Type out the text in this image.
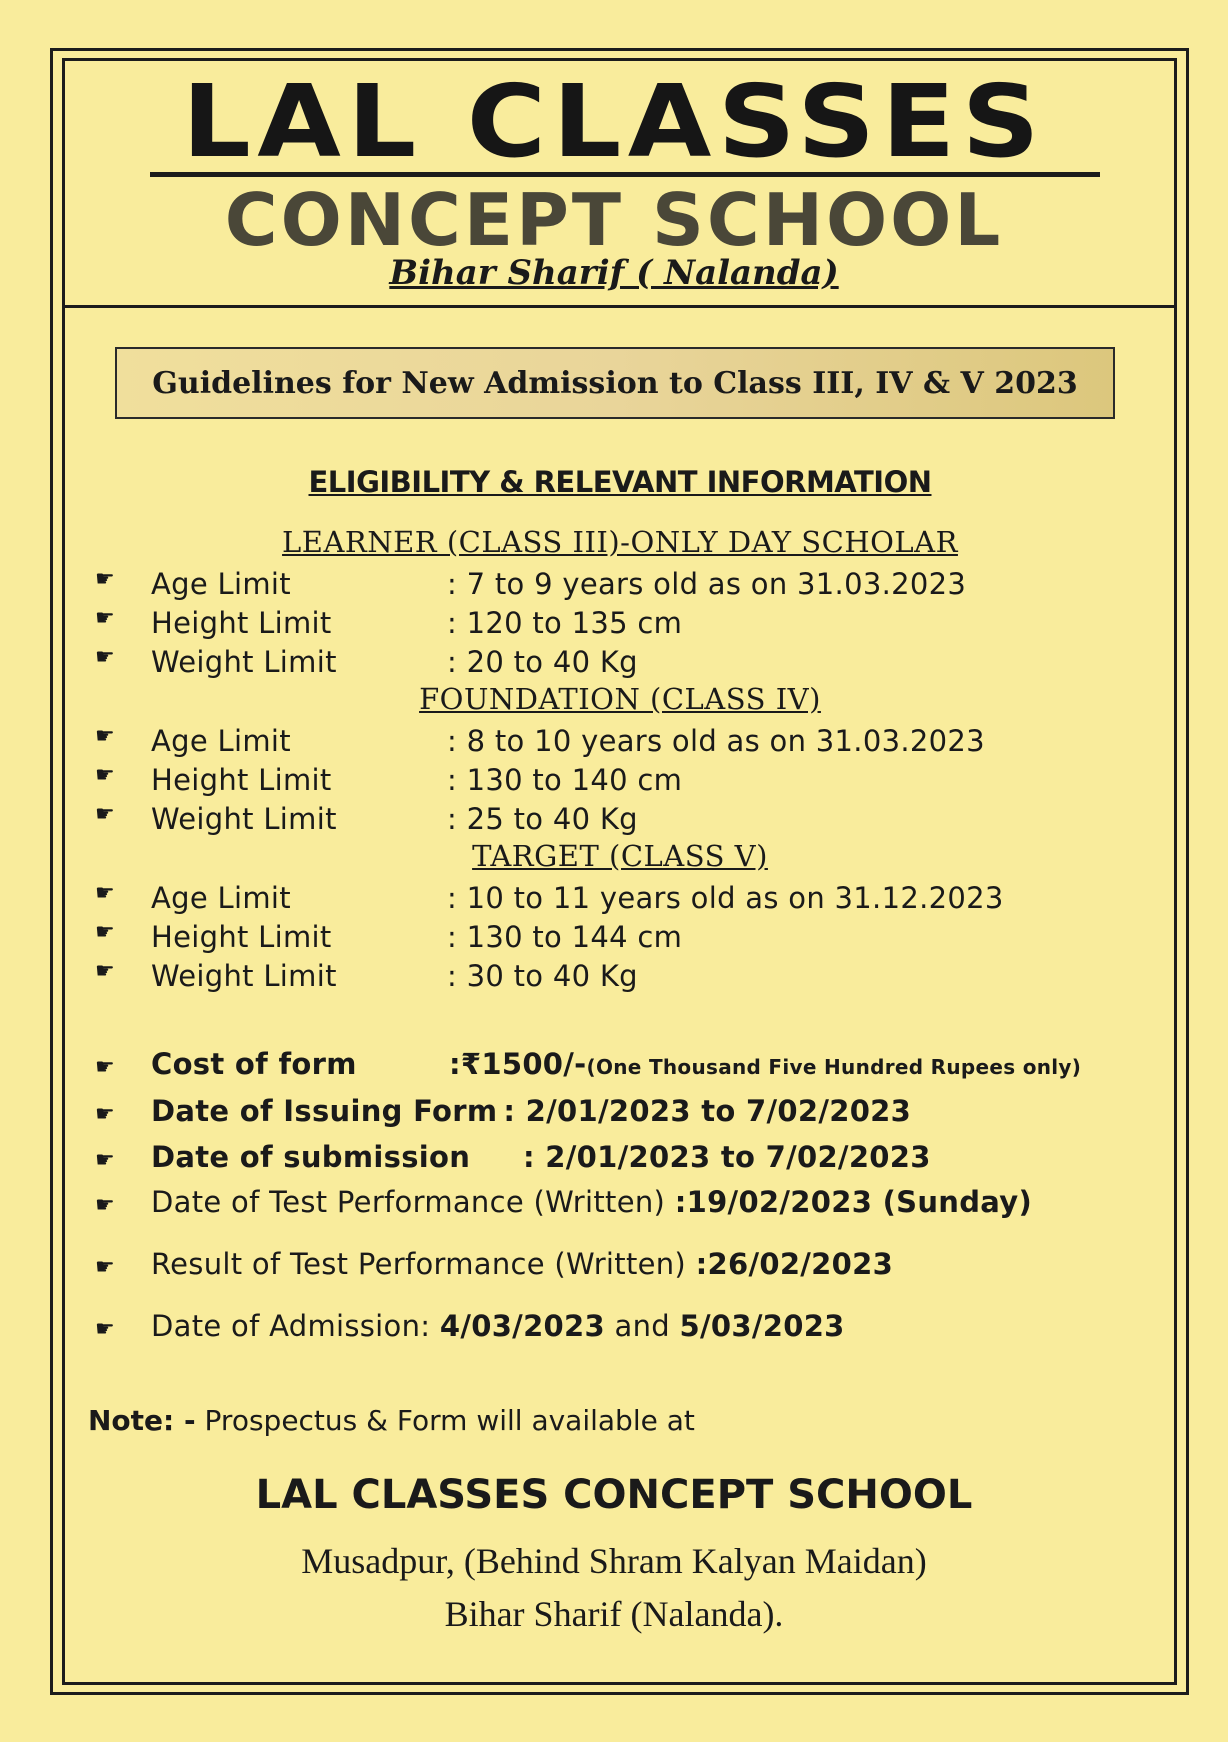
LAL CLASSES
CONCEPT SCHOOL
Bihar Sharif ( Nalanda)
Guidelines for New Admission to Class III, IV & V 2023
ELIGIBILITY & RELEVANT INFORMATION
LEARNER (CLASS III)-ONLY DAY SCHOLAR
☛ Age Limit	: 7 to 9 years old as on 31.03.2023
☛ Height Limit	: 120 to 135 cm
☛ Weight Limit	: 20 to 40 Kg
FOUNDATION (CLASS IV)
☛ Age Limit	: 8 to 10 years old as on 31.03.2023
☛ Height Limit	: 130 to 140 cm
☛ Weight Limit	: 25 to 40 Kg
TARGET (CLASS V)
☛ Age Limit	: 10 to 11 years old as on 31.12.2023
☛ Height Limit	: 130 to 144 cm
☛ Weight Limit	: 30 to 40 Kg
☛ Cost of form	:₹1500/-(One Thousand Five Hundred Rupees only)
☛ Date of Issuing Form : 2/01/2023 to 7/02/2023
☛ Date of submission : 2/01/2023 to 7/02/2023
☛ Date of Test Performance (Written) :19/02/2023 (Sunday)
☛ Result of Test Performance (Written) :26/02/2023
☛ Date of Admission: 4/03/2023 and 5/03/2023
Note: - Prospectus & Form will available at
LAL CLASSES CONCEPT SCHOOL
Musadpur, (Behind Shram Kalyan Maidan)
Bihar Sharif (Nalanda).
